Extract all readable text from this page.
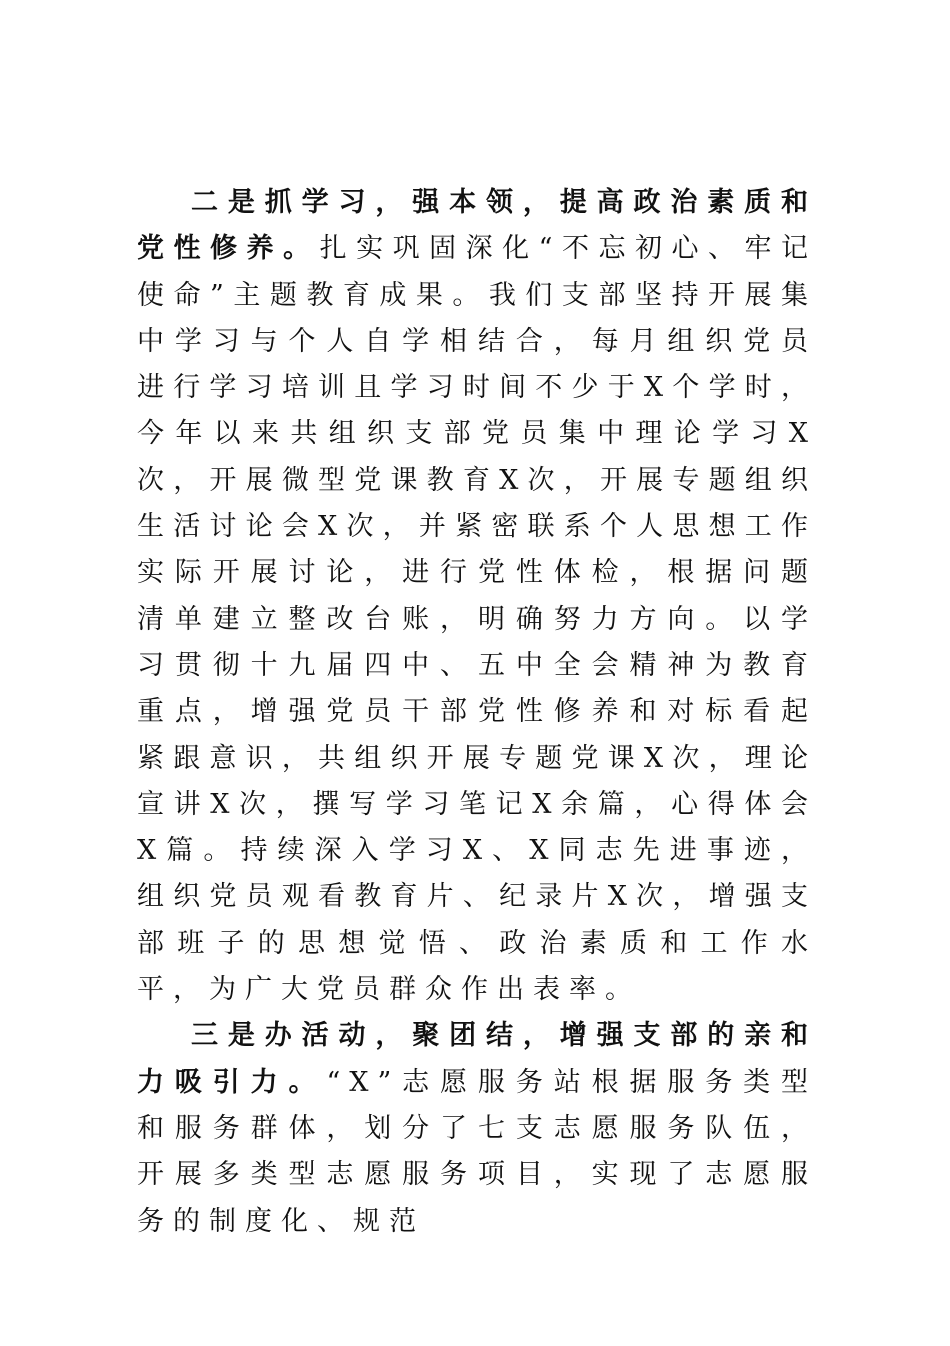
二是抓学习，强本领，提高政治素质和党性修养。扎实巩固深化“不忘初心、牢记使命”主题教育成果。我们支部坚持开展集中学习与个人自学相结合，每月组织党员进行学习培训且学习时间不少于X个学时，今年以来共组织支部党员集中理论学习X次，开展微型党课教育X次，开展专题组织生活讨论会X次，并紧密联系个人思想工作实际开展讨论，进行党性体检，根据问题清单建立整改台账，明确努力方向。以学习贯彻十九届四中、五中全会精神为教育重点，增强党员干部党性修养和对标看起紧跟意识，共组织开展专题党课X次，理论宣讲X次，撰写学习笔记X余篇，心得体会X篇。持续深入学习X、X同志先进事迹，组织党员观看教育片、纪录片X次，增强支部班子的思想觉悟、政治素质和工作水平，为广大党员群众作出表率。

三是办活动，聚团结，增强支部的亲和力吸引力。“X”志愿服务站根据服务类型和服务群体，划分了七支志愿服务队伍，开展多类型志愿服务项目，实现了志愿服务的制度化、规范
